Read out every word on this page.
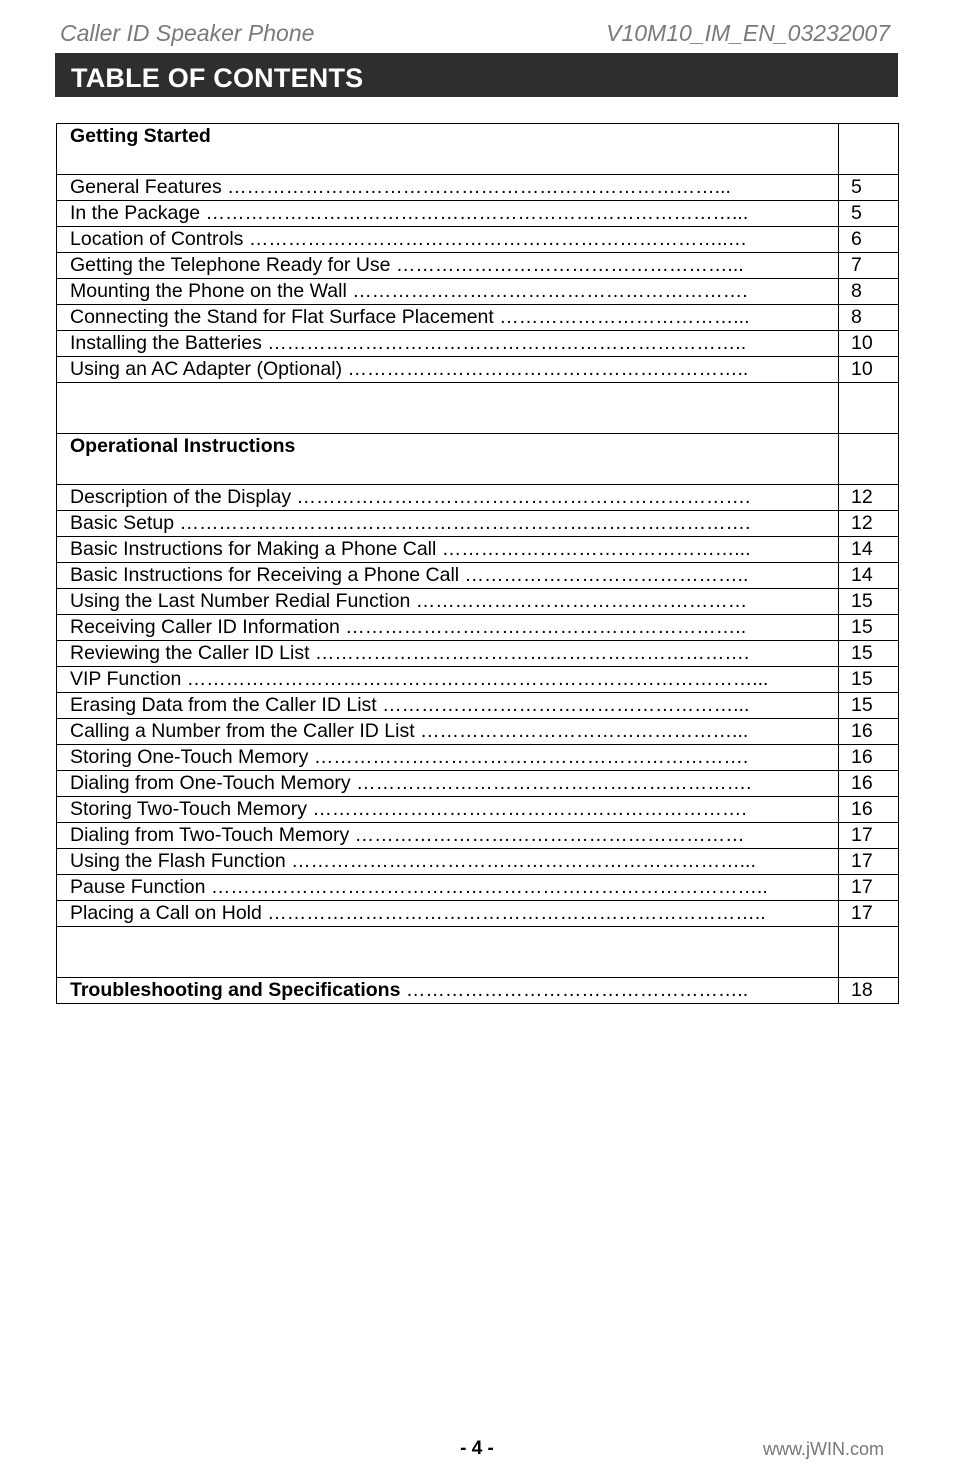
Caller ID Speaker Phone	V10M10_IM_EN_03232007
TABLE OF CONTENTS
Getting Started	

General Features …………………………………………………………………...	5
In the Package ………………………………………………………………………...	5
Location of Controls ………………………………………………………………..…	6
Getting the Telephone Ready for Use ……………………………………………...	7
Mounting the Phone on the Wall …………………………………………………….	8
Connecting the Stand for Flat Surface Placement ………………………………...	8
Installing the Batteries ………………………………………………………………..	10
Using an AC Adapter (Optional) ……………………………………………………..	10

Operational Instructions	

Description of the Display …………………………………………………………….	12
Basic Setup …………………………………………………………………………….	12
Basic Instructions for Making a Phone Call ………………………………………...	14
Basic Instructions for Receiving a Phone Call ……………………………………..	14
Using the Last Number Redial Function ……………………………………………	15
Receiving Caller ID Information ……………………………………………………..	15
Reviewing the Caller ID List ………………………………………………………….	15
VIP Function ……………………………………………………………………………...	15
Erasing Data from the Caller ID List ………………………………………………...	15
Calling a Number from the Caller ID List …………………………………………...	16
Storing One-Touch Memory ………………………………………………………….	16
Dialing from One-Touch Memory …………………………………………………….	16
Storing Two-Touch Memory ………………………………………………………….	16
Dialing from Two-Touch Memory ……………………………………………………	17
Using the Flash Function ……………………………………………………………...	17
Pause Function …………………………………………………………………………..	17
Placing a Call on Hold …………………………………………………………………..	17

Troubleshooting and Specifications ……………………………………………..	18
- 4 -	www.jWIN.com
